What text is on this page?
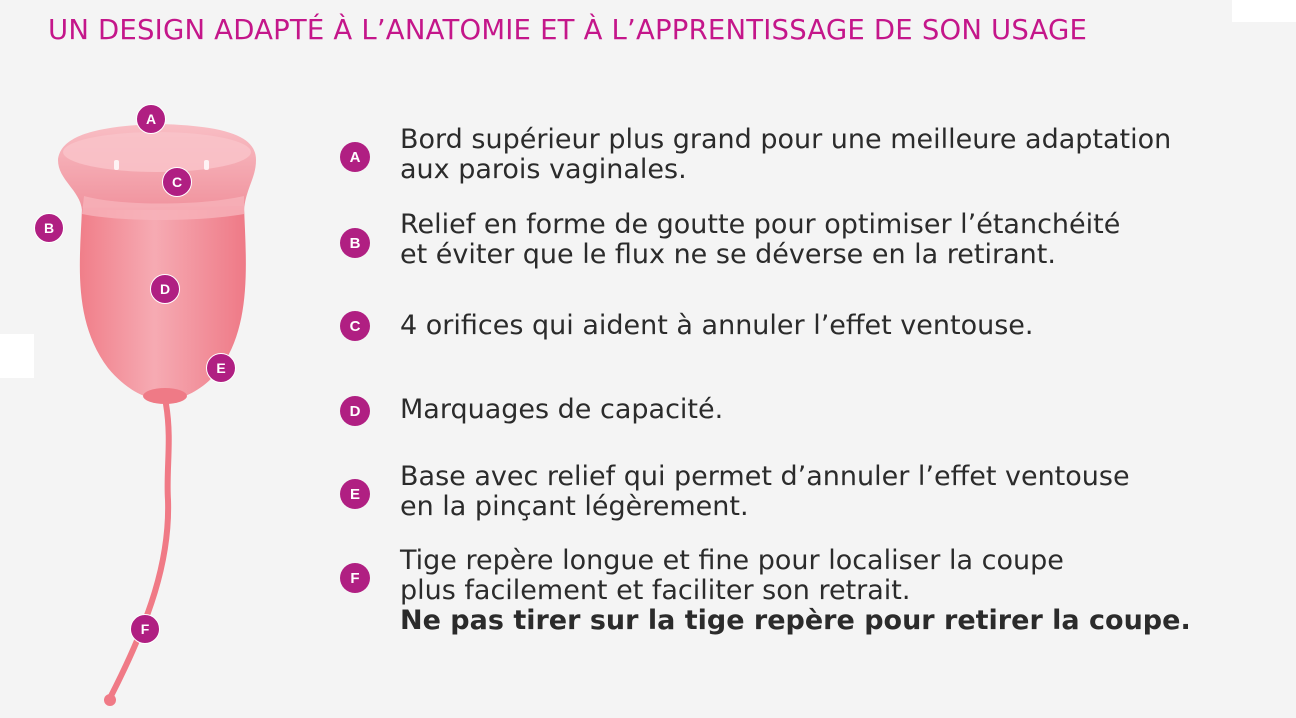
UN DESIGN ADAPTÉ À L’ANATOMIE ET À L’APPRENTISSAGE DE SON USAGE
A
B
C
D
E
F
A
Bord supérieur plus grand pour une meilleure adaptation
aux parois vaginales.
B
Relief en forme de goutte pour optimiser l’étanchéité
et éviter que le flux ne se déverse en la retirant.
C	4 orifices qui aident à annuler l’effet ventouse.
D	Marquages de capacité.
E
Base avec relief qui permet d’annuler l’effet ventouse
en la pinçant légèrement.
F
Tige repère longue et fine pour localiser la coupe
plus facilement et faciliter son retrait.
Ne pas tirer sur la tige repère pour retirer la coupe.
